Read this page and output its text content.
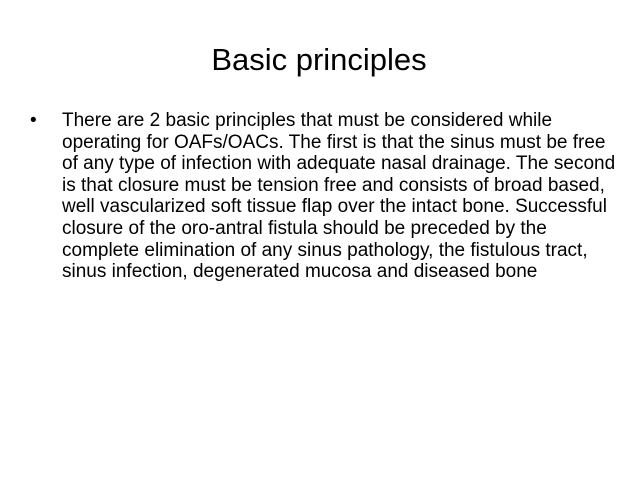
Basic principles
•	There are 2 basic principles that must be considered while operating for OAFs/OACs. The first is that the sinus must be free of any type of infection with adequate nasal drainage. The second is that closure must be tension free and consists of broad based, well vascularized soft tissue flap over the intact bone. Successful closure of the oro-antral fistula should be preceded by the complete elimination of any sinus pathology, the fistulous tract, sinus infection, degenerated mucosa and diseased bone
